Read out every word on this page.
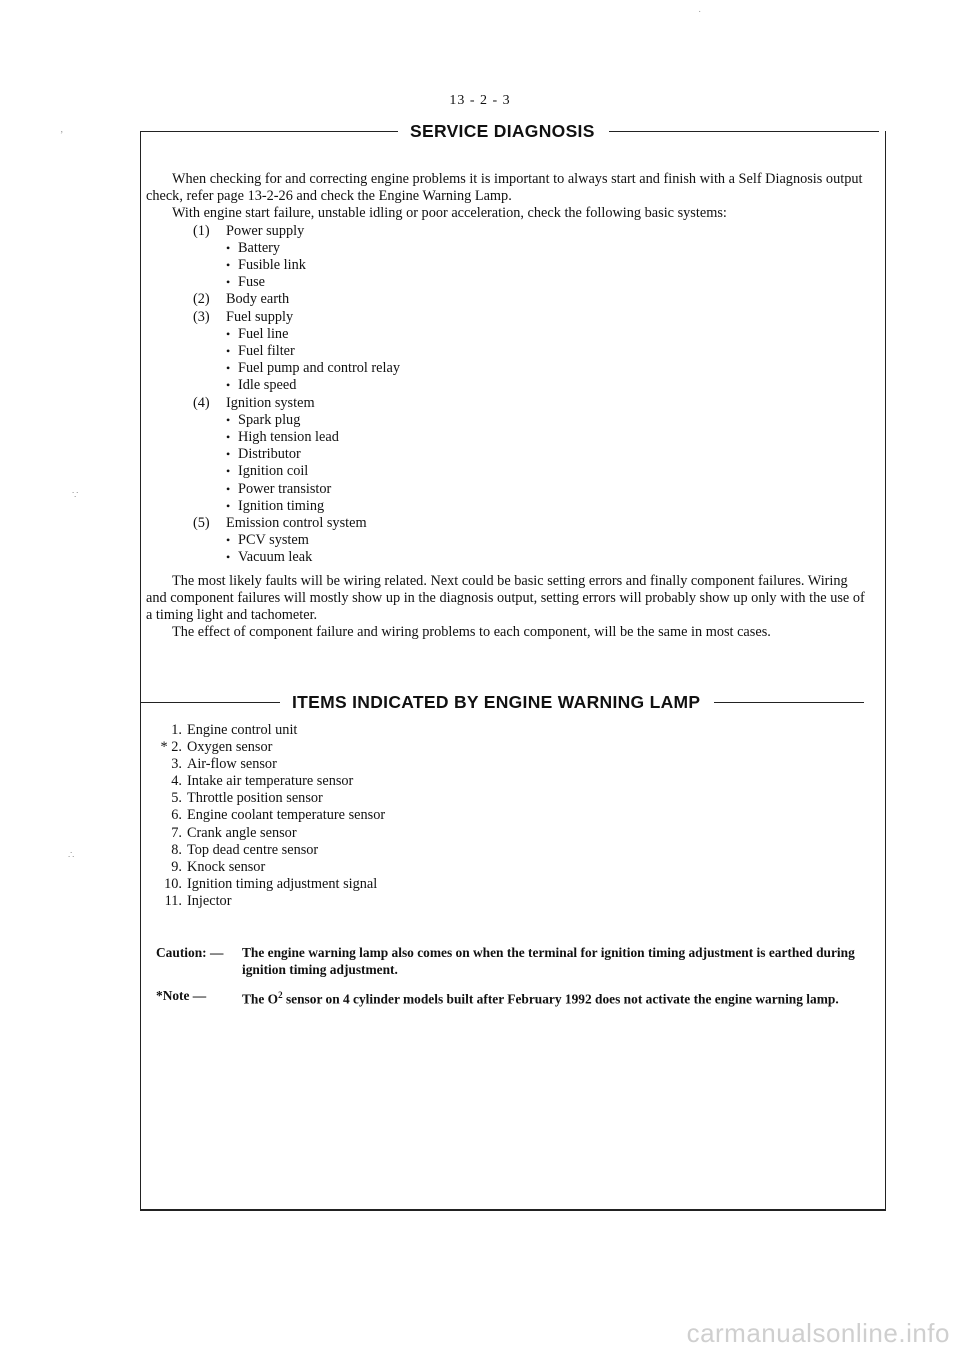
13 - 2 - 3
SERVICE DIAGNOSIS

When checking for and correcting engine problems it is important to always start and finish with a Self Diagnosis output check, refer page 13-2-26 and check the Engine Warning Lamp.

With engine start failure, unstable idling or poor acceleration, check the following basic systems:

(1) Power supply
• Battery
• Fusible link
• Fuse
(2) Body earth
(3) Fuel supply
• Fuel line
• Fuel filter
• Fuel pump and control relay
• Idle speed
(4) Ignition system
• Spark plug
• High tension lead
• Distributor
• Ignition coil
• Power transistor
• Ignition timing
(5) Emission control system
• PCV system
• Vacuum leak

The most likely faults will be wiring related. Next could be basic setting errors and finally component failures. Wiring and component failures will mostly show up in the diagnosis output, setting errors will probably show up only with the use of a timing light and tachometer.

The effect of component failure and wiring problems to each component, will be the same in most cases.

ITEMS INDICATED BY ENGINE WARNING LAMP
1. Engine control unit
* 2. Oxygen sensor
3. Air-flow sensor
4. Intake air temperature sensor
5. Throttle position sensor
6. Engine coolant temperature sensor
7. Crank angle sensor
8. Top dead centre sensor
9. Knock sensor
10. Ignition timing adjustment signal
11. Injector
Caution: —	The engine warning lamp also comes on when the terminal for ignition timing adjustment is earthed during ignition timing adjustment.
*Note —	The $O^2$ sensor on 4 cylinder models built after February 1992 does not activate the engine warning lamp.
carmanualsonline.info
ʼ
˙
∵
∴
